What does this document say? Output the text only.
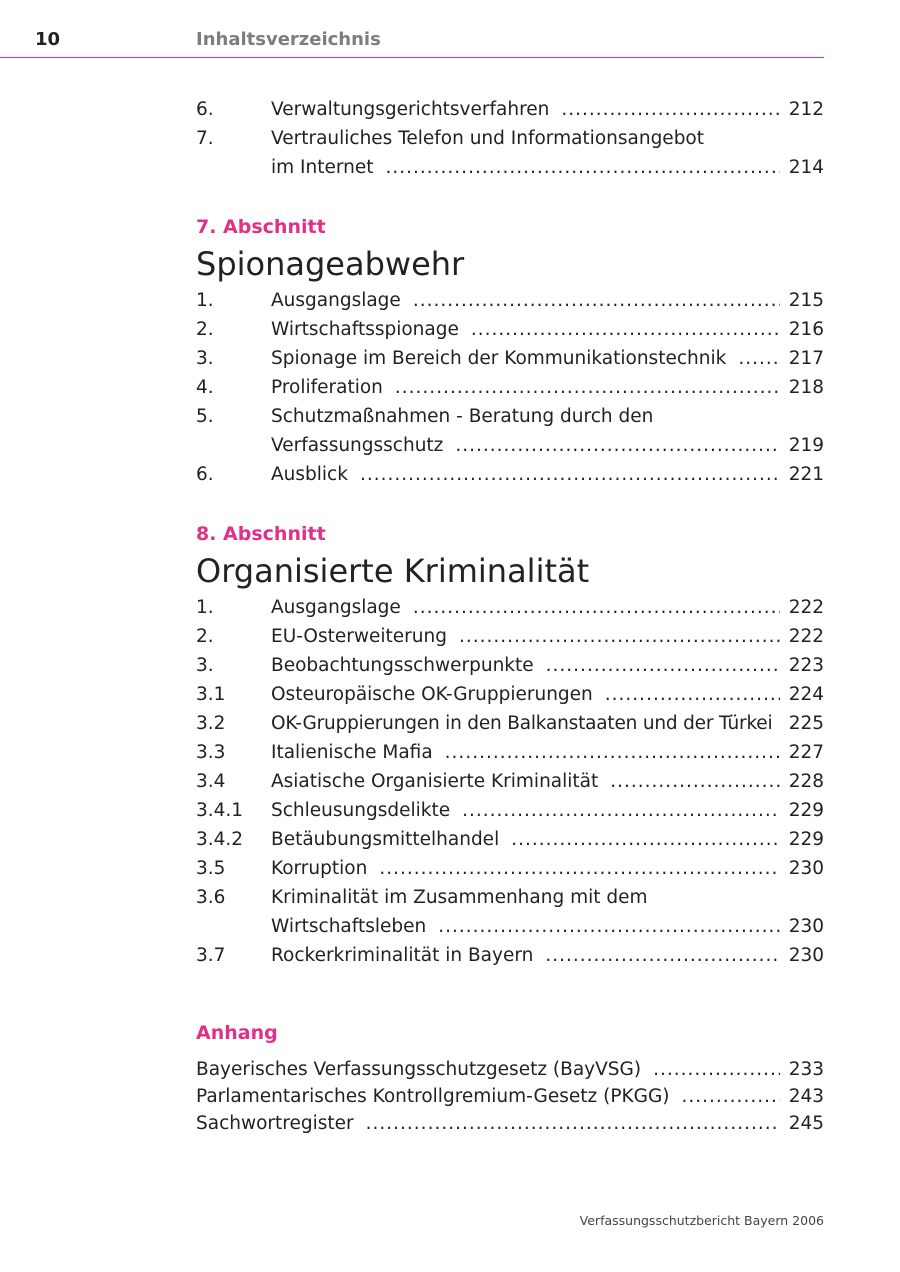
10	Inhaltsverzeichnis
6.	Verwaltungsgerichtsverfahren .....	212
7.	Vertrauliches Telefon und Informationsangebot
im Internet .....	214
7. Abschnitt
Spionageabwehr
1.	Ausgangslage .....	215
2.	Wirtschaftsspionage .....	216
3.	Spionage im Bereich der Kommunikationstechnik .....	217
4.	Proliferation .....	218
5.	Schutzmaßnahmen - Beratung durch den
Verfassungsschutz .....	219
6.	Ausblick .....	221
8. Abschnitt
Organisierte Kriminalität
1.	Ausgangslage .....	222
2.	EU-Osterweiterung .....	222
3.	Beobachtungsschwerpunkte .....	223
3.1	Osteuropäische OK-Gruppierungen .....	224
3.2	OK-Gruppierungen in den Balkanstaaten und der Türkei 225
3.3	Italienische Mafia .....	227
3.4	Asiatische Organisierte Kriminalität .....	228
3.4.1	Schleusungsdelikte .....	229
3.4.2	Betäubungsmittelhandel .....	229
3.5	Korruption .....	230
3.6	Kriminalität im Zusammenhang mit dem
Wirtschaftsleben .....	230
3.7	Rockerkriminalität in Bayern .....	230
Anhang
Bayerisches Verfassungsschutzgesetz (BayVSG) .....	233
Parlamentarisches Kontrollgremium-Gesetz (PKGG) .....	243
Sachwortregister .....	245
Verfassungsschutzbericht Bayern 2006
